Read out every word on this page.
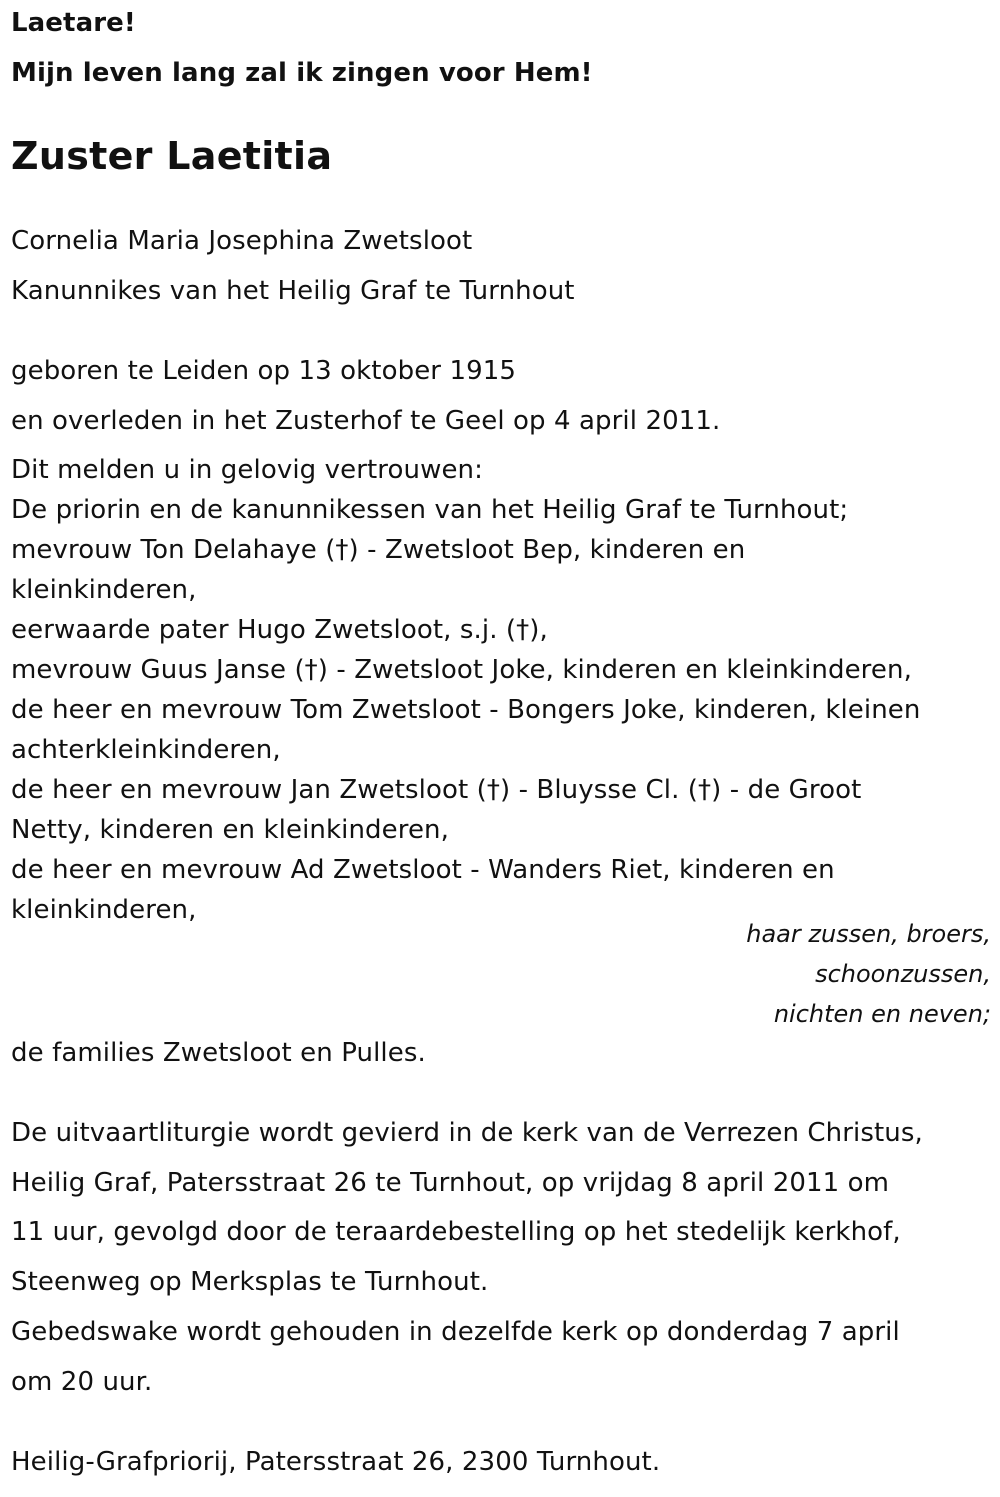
Laetare!
Mijn leven lang zal ik zingen voor Hem!
Zuster Laetitia
Cornelia Maria Josephina Zwetsloot
Kanunnikes van het Heilig Graf te Turnhout
geboren te Leiden op 13 oktober 1915
en overleden in het Zusterhof te Geel op 4 april 2011.
Dit melden u in gelovig vertrouwen:
De priorin en de kanunnikessen van het Heilig Graf te Turnhout;
mevrouw Ton Delahaye (†) - Zwetsloot Bep, kinderen en
kleinkinderen,
eerwaarde pater Hugo Zwetsloot, s.j. (†),
mevrouw Guus Janse (†) - Zwetsloot Joke, kinderen en kleinkinderen,
de heer en mevrouw Tom Zwetsloot - Bongers Joke, kinderen, kleinen
achterkleinkinderen,
de heer en mevrouw Jan Zwetsloot (†) - Bluysse Cl. (†) - de Groot
Netty, kinderen en kleinkinderen,
de heer en mevrouw Ad Zwetsloot - Wanders Riet, kinderen en
kleinkinderen,
haar zussen, broers,
schoonzussen,
nichten en neven;
de families Zwetsloot en Pulles.
De uitvaartliturgie wordt gevierd in de kerk van de Verrezen Christus,
Heilig Graf, Patersstraat 26 te Turnhout, op vrijdag 8 april 2011 om
11 uur, gevolgd door de teraardebestelling op het stedelijk kerkhof,
Steenweg op Merksplas te Turnhout.
Gebedswake wordt gehouden in dezelfde kerk op donderdag 7 april
om 20 uur.
Heilig-Grafpriorij, Patersstraat 26, 2300 Turnhout.
